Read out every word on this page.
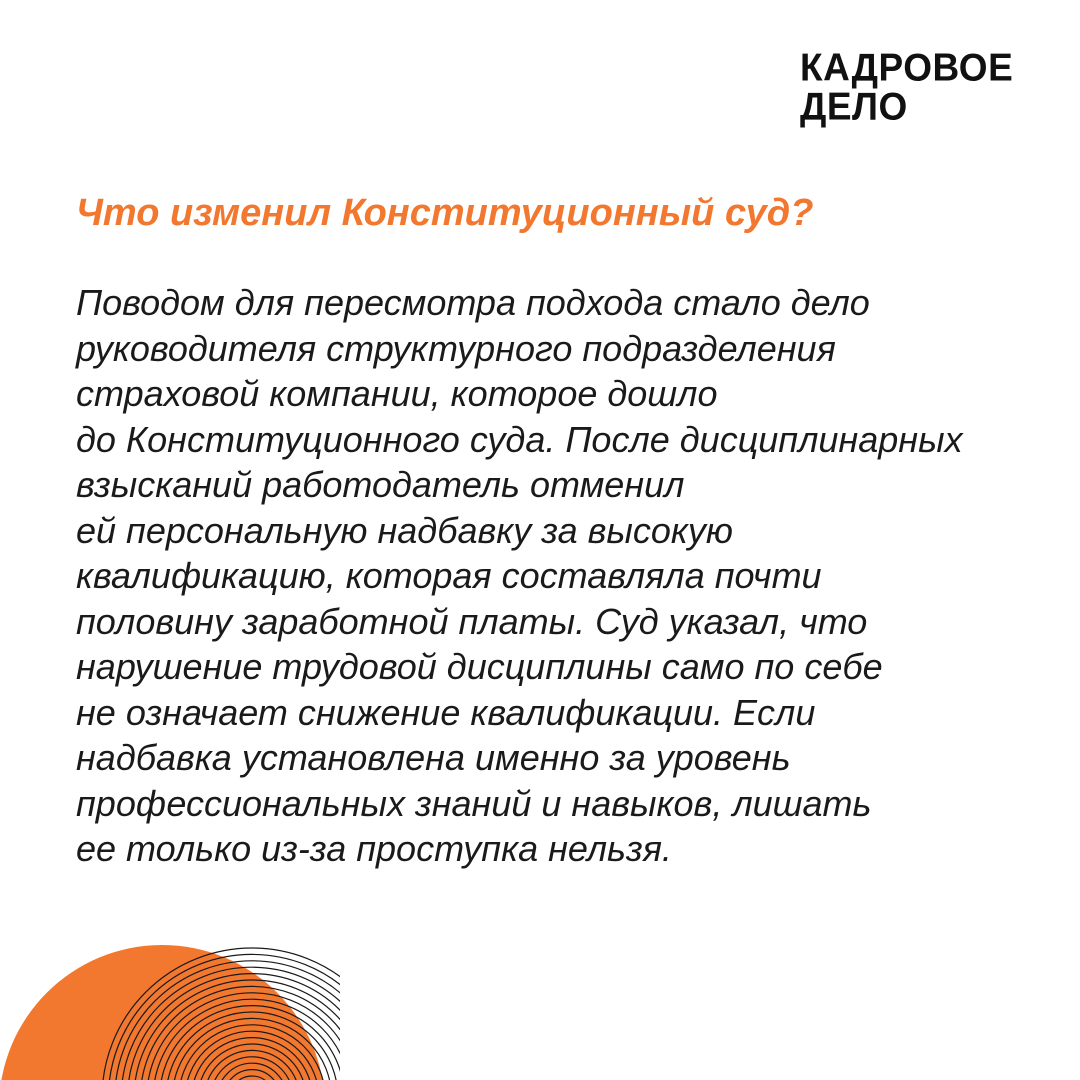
КАДРОВОЕ
ДЕЛО
Что изменил Конституционный суд?

Поводом для пересмотра подхода стало дело
руководителя структурного подразделения
страховой компании, которое дошло
до Конституционного суда. После дисциплинарных
взысканий работодатель отменил
ей персональную надбавку за высокую
квалификацию, которая составляла почти
половину заработной платы. Суд указал, что
нарушение трудовой дисциплины само по себе
не означает снижение квалификации. Если
надбавка установлена именно за уровень
профессиональных знаний и навыков, лишать
ее только из-за проступка нельзя.
